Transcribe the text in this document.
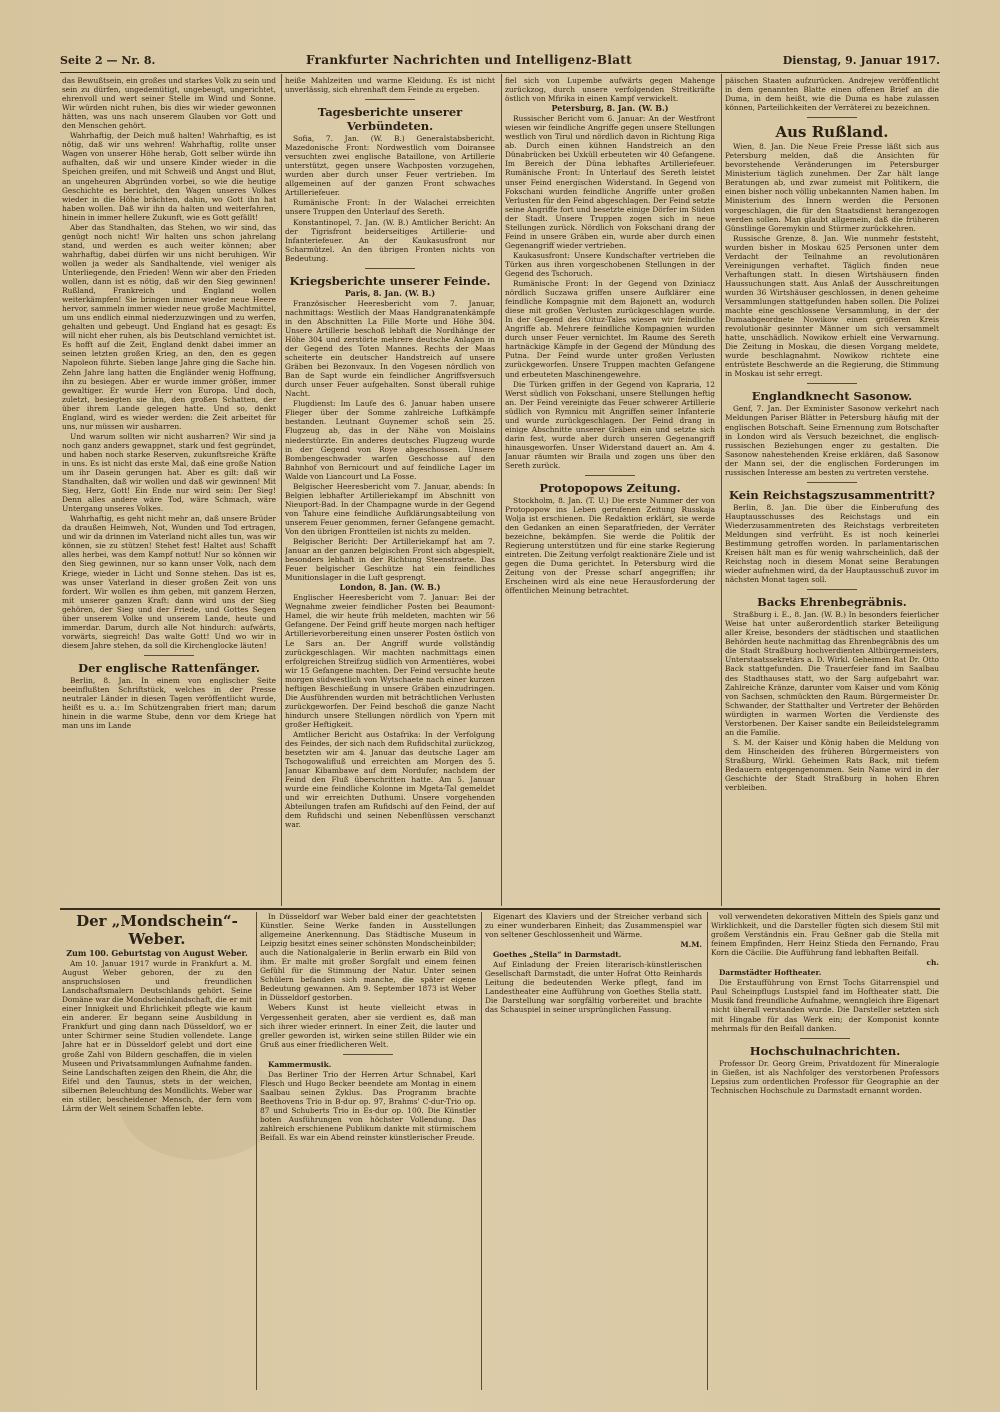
Seite 2 — Nr. 8.	Frankfurter Nachrichten und Intelligenz-Blatt	Dienstag, 9. Januar 1917.

das Bewußtsein, ein großes und starkes Volk zu sein und sein zu dürfen, ungedemütigt, ungebeugt, ungerichtet, ehrenvoll und wert seiner Stelle im Wind und Sonne. Wir würden nicht ruhen, bis dies wir wieder gewonnen hätten, was uns nach unserem Glauben vor Gott und den Menschen gehört.

Wahrhaftig, der Deich muß halten! Wahrhaftig, es ist nötig, daß wir uns wehren! Wahrhaftig, rollte unser Wagen von unserer Höhe herab, Gott selber würde ihn aufhalten, daß wir und unsere Kinder wieder in die Speichen greifen, und mit Schweiß und Angst und Blut, an ungeheuren Abgründen vorbei, so wie die heutige Geschichte es berichtet, den Wagen unseres Volkes wieder in die Höhe brächten, dahin, wo Gott ihn hat haben wollen. Daß wir ihn da halten und weiterfahren, hinein in immer hellere Zukunft, wie es Gott gefällt!

Aber das Standhalten, das Stehen, wo wir sind, das genügt noch nicht! Wir halten uns schon jahrelang stand, und werden es auch weiter können; aber wahrhaftig, dabei dürfen wir uns nicht beruhigen. Wir wollen ja weder als Sandhaltende, viel weniger als Unterliegende, den Frieden! Wenn wir aber den Frieden wollen, dann ist es nötig, daß wir den Sieg gewinnen! Rußland, Frankreich und England wollen weiterkämpfen! Sie bringen immer wieder neue Heere hervor, sammeln immer wieder neue große Machtmittel, um uns endlich einmal niederzuzwingen und zu werfen, gehalten und gebeugt. Und England hat es gesagt: Es will nicht eher ruhen, als bis Deutschland vernichtet ist. Es hofft auf die Zeit, England denkt dabei immer an seinen letzten großen Krieg, an den, den es gegen Napoleon führte. Sieben lange Jahre ging die Sache hin. Zehn Jahre lang hatten die Engländer wenig Hoffnung, ihn zu besiegen. Aber er wurde immer größer, immer gewaltiger. Er wurde Herr von Europa. Und doch, zuletzt, besiegten sie ihn, den großen Schatten, der über ihrem Lande gelegen hatte. Und so, denkt England, wird es wieder werden: die Zeit arbeitet für uns, nur müssen wir ausharren.

Und warum sollten wir nicht ausharren? Wir sind ja noch ganz anders gewappnet, stark und fest gegründet, und haben noch starke Reserven, zukunftsreiche Kräfte in uns. Es ist nicht das erste Mal, daß eine große Nation um ihr Dasein gerungen hat. Aber es gilt: daß wir Standhalten, daß wir wollen und daß wir gewinnen! Mit Sieg, Herz, Gott! Ein Ende nur wird sein: Der Sieg! Denn alles andere wäre Tod, wäre Schmach, wäre Untergang unseres Volkes.

Wahrhaftig, es geht nicht mehr an, daß unsere Brüder da draußen Heimweh, Not, Wunden und Tod ertragen, und wir da drinnen im Vaterland nicht alles tun, was wir können, sie zu stützen! Stehet fest! Haltet aus! Schafft alles herbei, was dem Kampf nottut! Nur so können wir den Sieg gewinnen, nur so kann unser Volk, nach dem Kriege, wieder in Licht und Sonne stehen. Das ist es, was unser Vaterland in dieser großen Zeit von uns fordert. Wir wollen es ihm geben, mit ganzem Herzen, mit unserer ganzen Kraft: dann wird uns der Sieg gehören, der Sieg und der Friede, und Gottes Segen über unserem Volke und unserem Lande, heute und immerdar. Darum, durch alle Not hindurch: aufwärts, vorwärts, siegreich! Das walte Gott! Und wo wir in diesem Jahre stehen, da soll die Kirchenglocke läuten!

Der englische Rattenfänger.

Berlin, 8. Jan. In einem von englischer Seite beeinflußten Schriftstück, welches in der Presse neutraler Länder in diesen Tagen veröffentlicht wurde, heißt es u. a.: Im Schützengraben friert man; darum hinein in die warme Stube, denn vor dem Kriege hat man uns im Lande

heiße Mahlzeiten und warme Kleidung. Es ist nicht unverlässig, sich ehrenhaft dem Feinde zu ergeben.

Tagesberichte unserer Verbündeten.

Sofia, 7. Jan. (W. B.) Generalstabsbericht. Mazedonische Front: Nordwestlich vom Doiransee versuchten zwei englische Bataillone, von Artillerie unterstützt, gegen unsere Wachposten vorzugehen, wurden aber durch unser Feuer vertrieben. Im allgemeinen auf der ganzen Front schwaches Artilleriefeuer.

Rumänische Front: In der Walachei erreichten unsere Truppen den Unterlauf des Sereth.

Konstantinopel, 7. Jan. (W. B.) Amtlicher Bericht: An der Tigrisfront beiderseitiges Artillerie- und Infanteriefeuer. An der Kaukasusfront nur Scharmützel. An den übrigen Fronten nichts von Bedeutung.

Kriegsberichte unserer Feinde.

Paris, 8. Jan. (W. B.)

Französischer Heeresbericht vom 7. Januar, nachmittags: Westlich der Maas Handgranatenkämpfe in den Abschnitten La Fille Morte und Höhe 304. Unsere Artillerie beschoß lebhaft die Nordhänge der Höhe 304 und zerstörte mehrere deutsche Anlagen in der Gegend des Toten Mannes. Rechts der Maas scheiterte ein deutscher Handstreich auf unsere Gräben bei Bezonvaux. In den Vogesen nördlich von Ban de Sapt wurde ein feindlicher Angriffsversuch durch unser Feuer aufgehalten. Sonst überall ruhige Nacht.

Flugdienst: Im Laufe des 6. Januar haben unsere Flieger über der Somme zahlreiche Luftkämpfe bestanden. Leutnant Guynemer schoß sein 25. Flugzeug ab, das in der Nähe von Moislains niederstürzte. Ein anderes deutsches Flugzeug wurde in der Gegend von Roye abgeschossen. Unsere Bombengeschwader warfen Geschosse auf den Bahnhof von Bernicourt und auf feindliche Lager im Walde von Liancourt und La Fosse.

Belgischer Heeresbericht vom 7. Januar, abends: In Belgien lebhafter Artilleriekampf im Abschnitt von Nieuport-Bad. In der Champagne wurde in der Gegend von Tahure eine feindliche Aufklärungsabteilung von unserem Feuer genommen, ferner Gefangene gemacht. Von den übrigen Frontteilen ist nichts zu melden.

Belgischer Bericht: Der Artilleriekampf hat am 7. Januar an der ganzen belgischen Front sich abgespielt, besonders lebhaft in der Richtung Steenstraete. Das Feuer belgischer Geschütze hat ein feindliches Munitionslager in die Luft gesprengt.

London, 8. Jan. (W. B.)

Englischer Heeresbericht vom 7. Januar: Bei der Wegnahme zweier feindlicher Posten bei Beaumont-Hamel, die wir heute früh meldeten, machten wir 56 Gefangene. Der Feind griff heute morgen nach heftiger Artillerievorbereitung einen unserer Posten östlich von Le Sars an. Der Angriff wurde vollständig zurückgeschlagen. Wir machten nachmittags einen erfolgreichen Streifzug südlich von Armentières, wobei wir 15 Gefangene machten. Der Feind versuchte heute morgen südwestlich von Wytschaete nach einer kurzen heftigen Beschießung in unsere Gräben einzudringen. Die Ausführenden wurden mit beträchtlichen Verlusten zurückgeworfen. Der Feind beschoß die ganze Nacht hindurch unsere Stellungen nördlich von Ypern mit großer Heftigkeit.

Amtlicher Bericht aus Ostafrika: In der Verfolgung des Feindes, der sich nach dem Rufidschital zurückzog, besetzten wir am 4. Januar das deutsche Lager am Tschogowalifluß und erreichten am Morgen des 5. Januar Kibambawe auf dem Nordufer, nachdem der Feind den Fluß überschritten hatte. Am 5. Januar wurde eine feindliche Kolonne im Mgeta-Tal gemeldet und wir erreichten Duthumi. Unsere vorgehenden Abteilungen trafen am Rufidschi auf den Feind, der auf dem Rufidschi und seinen Nebenflüssen verschanzt war.

fiel sich von Lupembe aufwärts gegen Mahenge zurückzog, durch unsere verfolgenden Streitkräfte östlich von Mfirika in einen Kampf verwickelt.

Petersburg, 8. Jan. (W. B.)

Russischer Bericht vom 6. Januar: An der Westfront wiesen wir feindliche Angriffe gegen unsere Stellungen westlich von Tirul und nördlich davon in Richtung Riga ab. Durch einen kühnen Handstreich an den Dünabrücken bei Uxküll erbeuteten wir 40 Gefangene. Im Bereich der Düna lebhaftes Artilleriefeuer. Rumänische Front: In Unterlauf des Sereth leistet unser Feind energischen Widerstand. In Gegend von Fokschani wurden feindliche Angriffe unter großen Verlusten für den Feind abgeschlagen. Der Feind setzte seine Angriffe fort und besetzte einige Dörfer im Süden der Stadt. Unsere Truppen zogen sich in neue Stellungen zurück. Nördlich von Fokschani drang der Feind in unsere Gräben ein, wurde aber durch einen Gegenangriff wieder vertrieben.

Kaukasusfront: Unsere Kundschafter vertrieben die Türken aus ihren vorgeschobenen Stellungen in der Gegend des Tschoruch.

Rumänische Front: In der Gegend von Dziniacz nördlich Suczawa griffen unsere Aufklärer eine feindliche Kompagnie mit dem Bajonett an, wodurch diese mit großen Verlusten zurückgeschlagen wurde. In der Gegend des Oituz-Tales wiesen wir feindliche Angriffe ab. Mehrere feindliche Kompagnien wurden durch unser Feuer vernichtet. Im Raume des Sereth hartnäckige Kämpfe in der Gegend der Mündung des Putna. Der Feind wurde unter großen Verlusten zurückgeworfen. Unsere Truppen machten Gefangene und erbeuteten Maschinengewehre.

Die Türken griffen in der Gegend von Kapraria, 12 Werst südlich von Fokschani, unsere Stellungen heftig an. Der Feind vereinigte das Feuer schwerer Artillerie südlich von Rymnicu mit Angriffen seiner Infanterie und wurde zurückgeschlagen. Der Feind drang in einige Abschnitte unserer Gräben ein und setzte sich darin fest, wurde aber durch unseren Gegenangriff hinausgeworfen. Unser Widerstand dauert an. Am 4. Januar räumten wir Braila und zogen uns über den Sereth zurück.

Protopopows Zeitung.

Stockholm, 8. Jan. (T. U.) Die erste Nummer der von Protopopow ins Leben gerufenen Zeitung Russkaja Wolja ist erschienen. Die Redaktion erklärt, sie werde den Gedanken an einen Separatfrieden, der Verräter bezeichne, bekämpfen. Sie werde die Politik der Regierung unterstützen und für eine starke Regierung eintreten. Die Zeitung verfolgt reaktionäre Ziele und ist gegen die Duma gerichtet. In Petersburg wird die Zeitung von der Presse scharf angegriffen; ihr Erscheinen wird als eine neue Herausforderung der öffentlichen Meinung betrachtet.

päischen Staaten aufzurücken. Andrejew veröffentlicht in dem genannten Blatte einen offenen Brief an die Duma, in dem heißt, wie die Duma es habe zulassen können, Parteilichkeiten der Verräterei zu bezeichnen.

Aus Rußland.

Wien, 8. Jan. Die Neue Freie Presse läßt sich aus Petersburg melden, daß die Ansichten für bevorstehende Veränderungen im Petersburger Ministerium täglich zunehmen. Der Zar hält lange Beratungen ab, und zwar zumeist mit Politikern, die einen bisher noch völlig unbekannten Namen haben. Im Ministerium des Innern werden die Personen vorgeschlagen, die für den Staatsdienst herangezogen werden sollen. Man glaubt allgemein, daß die früheren Günstlinge Goremykin und Stürmer zurückkehren.

Russische Grenze, 8. Jan. Wie nunmehr feststeht, wurden bisher in Moskau 625 Personen unter dem Verdacht der Teilnahme an revolutionären Vereinigungen verhaftet. Täglich finden neue Verhaftungen statt. In diesen Wirtshäusern finden Haussuchungen statt. Aus Anlaß der Ausschreitungen wurden 36 Wirtshäuser geschlossen, in denen geheime Versammlungen stattgefunden haben sollen. Die Polizei machte eine geschlossene Versammlung, in der der Dumaabgeordnete Nowikow einen größeren Kreis revolutionär gesinnter Männer um sich versammelt hatte, unschädlich. Nowikow erhielt eine Verwarnung. Die Zeitung in Moskau, die diesen Vorgang meldete, wurde beschlagnahmt. Nowikow richtete eine entrüstete Beschwerde an die Regierung, die Stimmung in Moskau ist sehr erregt.

Englandknecht Sasonow.

Genf, 7. Jan. Der Exminister Sasonow verkehrt nach Meldungen Pariser Blätter in Petersburg häufig mit der englischen Botschaft. Seine Ernennung zum Botschafter in London wird als Versuch bezeichnet, die englisch-russischen Beziehungen enger zu gestalten. Die Sasonow nahestehenden Kreise erklären, daß Sasonow der Mann sei, der die englischen Forderungen im russischen Interesse am besten zu vertreten verstehe.

Kein Reichstagszusammentritt?

Berlin, 8. Jan. Die über die Einberufung des Hauptausschusses des Reichstags und ein Wiederzusammentreten des Reichstags verbreiteten Meldungen sind verfrüht. Es ist noch keinerlei Bestimmung getroffen worden. In parlamentarischen Kreisen hält man es für wenig wahrscheinlich, daß der Reichstag noch in diesem Monat seine Beratungen wieder aufnehmen wird, da der Hauptausschuß zuvor im nächsten Monat tagen soll.

Backs Ehrenbegräbnis.

Straßburg i. E., 8. Jan. (W. B.) In besonders feierlicher Weise hat unter außerordentlich starker Beteiligung aller Kreise, besonders der städtischen und staatlichen Behörden heute nachmittag das Ehrenbegräbnis des um die Stadt Straßburg hochverdienten Altbürgermeisters, Unterstaatssekretärs a. D. Wirkl. Geheimen Rat Dr. Otto Back stattgefunden. Die Trauerfeier fand im Saalbau des Stadthauses statt, wo der Sarg aufgebahrt war. Zahlreiche Kränze, darunter vom Kaiser und vom König von Sachsen, schmückten den Raum. Bürgermeister Dr. Schwander, der Statthalter und Vertreter der Behörden würdigten in warmen Worten die Verdienste des Verstorbenen. Der Kaiser sandte ein Beileidstelegramm an die Familie.

S. M. der Kaiser und König haben die Meldung von dem Hinscheiden des früheren Bürgermeisters von Straßburg, Wirkl. Geheimen Rats Back, mit tiefem Bedauern entgegengenommen. Sein Name wird in der Geschichte der Stadt Straßburg in hohen Ehren verbleiben.

Der „Mondschein“-Weber.

Zum 100. Geburtstag von August Weber.

Am 10. Januar 1917 wurde in Frankfurt a. M. August Weber geboren, der zu den anspruchslosen und freundlichen Landschaftsmalern Deutschlands gehört. Seine Domäne war die Mondscheinlandschaft, die er mit einer Innigkeit und Ehrlichkeit pflegte wie kaum ein anderer. Er begann seine Ausbildung in Frankfurt und ging dann nach Düsseldorf, wo er unter Schirmer seine Studien vollendete. Lange Jahre hat er in Düsseldorf gelebt und dort eine große Zahl von Bildern geschaffen, die in vielen Museen und Privatsammlungen Aufnahme fanden. Seine Landschaften zeigen den Rhein, die Ahr, die Eifel und den Taunus, stets in der weichen, silbernen Beleuchtung des Mondlichts. Weber war ein stiller, bescheidener Mensch, der fern vom Lärm der Welt seinem Schaffen lebte.

In Düsseldorf war Weber bald einer der geachtetsten Künstler. Seine Werke fanden in Ausstellungen allgemeine Anerkennung. Das Städtische Museum in Leipzig besitzt eines seiner schönsten Mondscheinbilder; auch die Nationalgalerie in Berlin erwarb ein Bild von ihm. Er malte mit großer Sorgfalt und einem feinen Gefühl für die Stimmung der Natur. Unter seinen Schülern befanden sich manche, die später eigene Bedeutung gewannen. Am 9. September 1873 ist Weber in Düsseldorf gestorben.

Webers Kunst ist heute vielleicht etwas in Vergessenheit geraten, aber sie verdient es, daß man sich ihrer wieder erinnert. In einer Zeit, die lauter und greller geworden ist, wirken seine stillen Bilder wie ein Gruß aus einer friedlicheren Welt.

Kammermusik.

Das Berliner Trio der Herren Artur Schnabel, Karl Flesch und Hugo Becker beendete am Montag in einem Saalbau seinen Zyklus. Das Programm brachte Beethovens Trio in B-dur op. 97, Brahms' C-dur-Trio op. 87 und Schuberts Trio in Es-dur op. 100. Die Künstler boten Ausführungen von höchster Vollendung. Das zahlreich erschienene Publikum dankte mit stürmischem Beifall. Es war ein Abend reinster künstlerischer Freude.

Eigenart des Klaviers und der Streicher verband sich zu einer wunderbaren Einheit; das Zusammenspiel war von seltener Geschlossenheit und Wärme.

M.M.

Goethes „Stella“ in Darmstadt.

Auf Einladung der Freien literarisch-künstlerischen Gesellschaft Darmstadt, die unter Hofrat Otto Reinhards Leitung die bedeutenden Werke pflegt, fand im Landestheater eine Aufführung von Goethes Stella statt. Die Darstellung war sorgfältig vorbereitet und brachte das Schauspiel in seiner ursprünglichen Fassung.

voll verwendeten dekorativen Mitteln des Spiels ganz und Wirklichkeit, und die Darsteller fügten sich diesem Stil mit großem Verständnis ein. Frau Geßner gab die Stella mit feinem Empfinden, Herr Heinz Stieda den Fernando, Frau Korn die Cäcilie. Die Aufführung fand lebhaften Beifall.

ch.

Darmstädter Hoftheater.

Die Erstaufführung von Ernst Tochs Gitarrenspiel und Paul Scheinpflugs Lustspiel fand im Hoftheater statt. Die Musik fand freundliche Aufnahme, wenngleich ihre Eigenart nicht überall verstanden wurde. Die Darsteller setzten sich mit Hingabe für das Werk ein; der Komponist konnte mehrmals für den Beifall danken.

Hochschulnachrichten.

Professor Dr. Georg Greim, Privatdozent für Mineralogie in Gießen, ist als Nachfolger des verstorbenen Professors Lepsius zum ordentlichen Professor für Geographie an der Technischen Hochschule zu Darmstadt ernannt worden.
